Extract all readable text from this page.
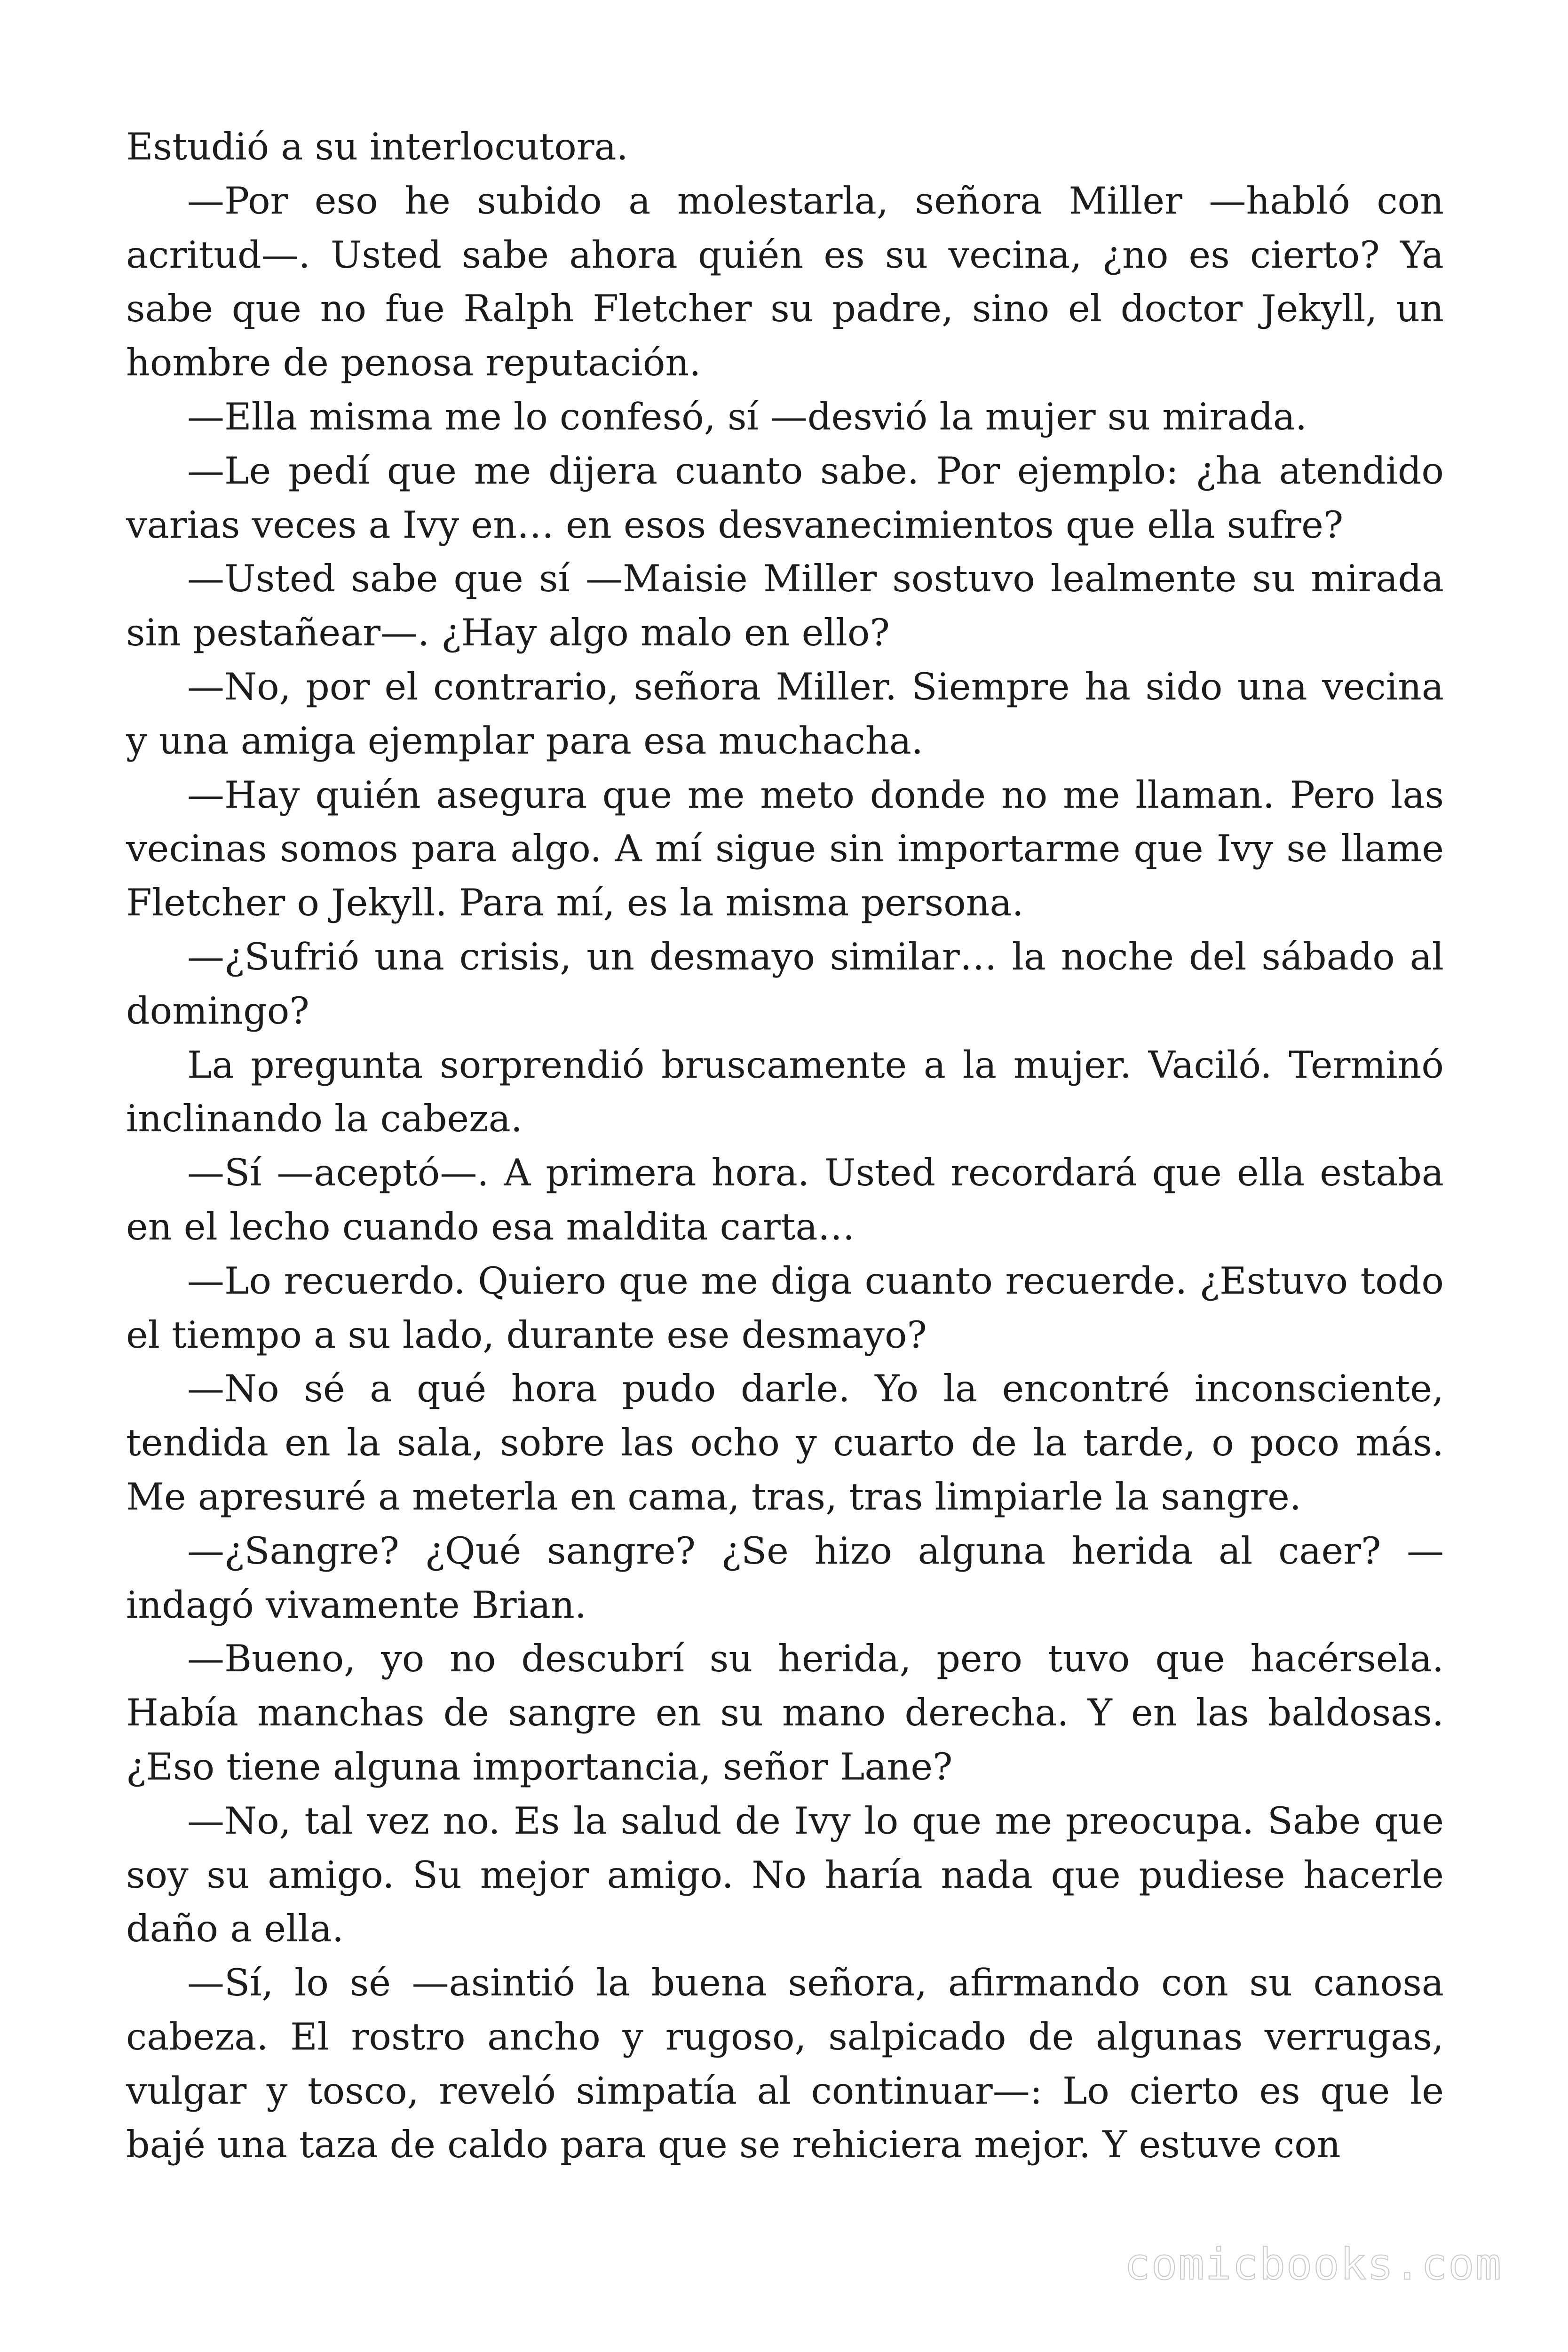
Estudió a su interlocutora.

—Por eso he subido a molestarla, señora Miller —habló con acritud—. Usted sabe ahora quién es su vecina, ¿no es cierto? Ya sabe que no fue Ralph Fletcher su padre, sino el doctor Jekyll, un hombre de penosa reputación.

—Ella misma me lo confesó, sí —desvió la mujer su mirada.

—Le pedí que me dijera cuanto sabe. Por ejemplo: ¿ha atendido varias veces a Ivy en… en esos desvanecimientos que ella sufre?

—Usted sabe que sí —Maisie Miller sostuvo lealmente su mirada sin pestañear—. ¿Hay algo malo en ello?

—No, por el contrario, señora Miller. Siempre ha sido una vecina y una amiga ejemplar para esa muchacha.

—Hay quién asegura que me meto donde no me llaman. Pero las vecinas somos para algo. A mí sigue sin importarme que Ivy se llame Fletcher o Jekyll. Para mí, es la misma persona.

—¿Sufrió una crisis, un desmayo similar… la noche del sábado al domingo?

La pregunta sorprendió bruscamente a la mujer. Vaciló. Terminó inclinando la cabeza.

—Sí —aceptó—. A primera hora. Usted recordará que ella estaba en el lecho cuando esa maldita carta…

—Lo recuerdo. Quiero que me diga cuanto recuerde. ¿Estuvo todo el tiempo a su lado, durante ese desmayo?

—No sé a qué hora pudo darle. Yo la encontré inconsciente, tendida en la sala, sobre las ocho y cuarto de la tarde, o poco más. Me apresuré a meterla en cama, tras, tras limpiarle la sangre.

—¿Sangre? ¿Qué sangre? ¿Se hizo alguna herida al caer? —indagó vivamente Brian.

—Bueno, yo no descubrí su herida, pero tuvo que hacérsela. Había manchas de sangre en su mano derecha. Y en las baldosas. ¿Eso tiene alguna importancia, señor Lane?

—No, tal vez no. Es la salud de Ivy lo que me preocupa. Sabe que soy su amigo. Su mejor amigo. No haría nada que pudiese hacerle daño a ella.

—Sí, lo sé —asintió la buena señora, afirmando con su canosa cabeza. El rostro ancho y rugoso, salpicado de algunas verrugas, vulgar y tosco, reveló simpatía al continuar—: Lo cierto es que le bajé una taza de caldo para que se rehiciera mejor. Y estuve con

comicbooks.com
